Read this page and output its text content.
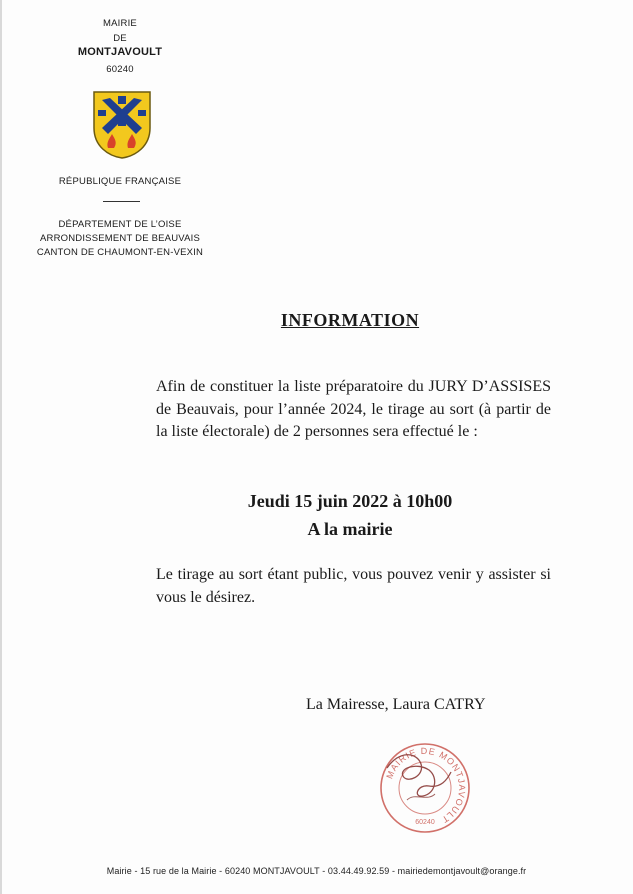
MAIRIE
DE
MONTJAVOULT
60240
RÉPUBLIQUE FRANÇAISE
DÉPARTEMENT DE L’OISE
ARRONDISSEMENT DE BEAUVAIS
CANTON DE CHAUMONT-EN-VEXIN
INFORMATION
Afin de constituer la liste préparatoire du JURY D’ASSISES de Beauvais, pour l’année 2024, le tirage au sort (à partir de la liste électorale) de 2 personnes sera effectué le :
Jeudi 15 juin 2022 à 10h00
A la mairie
Le tirage au sort étant public, vous pouvez venir y assister si vous le désirez.
La Mairesse, Laura CATRY
MAIRIE DE MONTJAVOULT
60240
Mairie - 15 rue de la Mairie - 60240 MONTJAVOULT - 03.44.49.92.59 - mairiedemontjavoult@orange.fr
